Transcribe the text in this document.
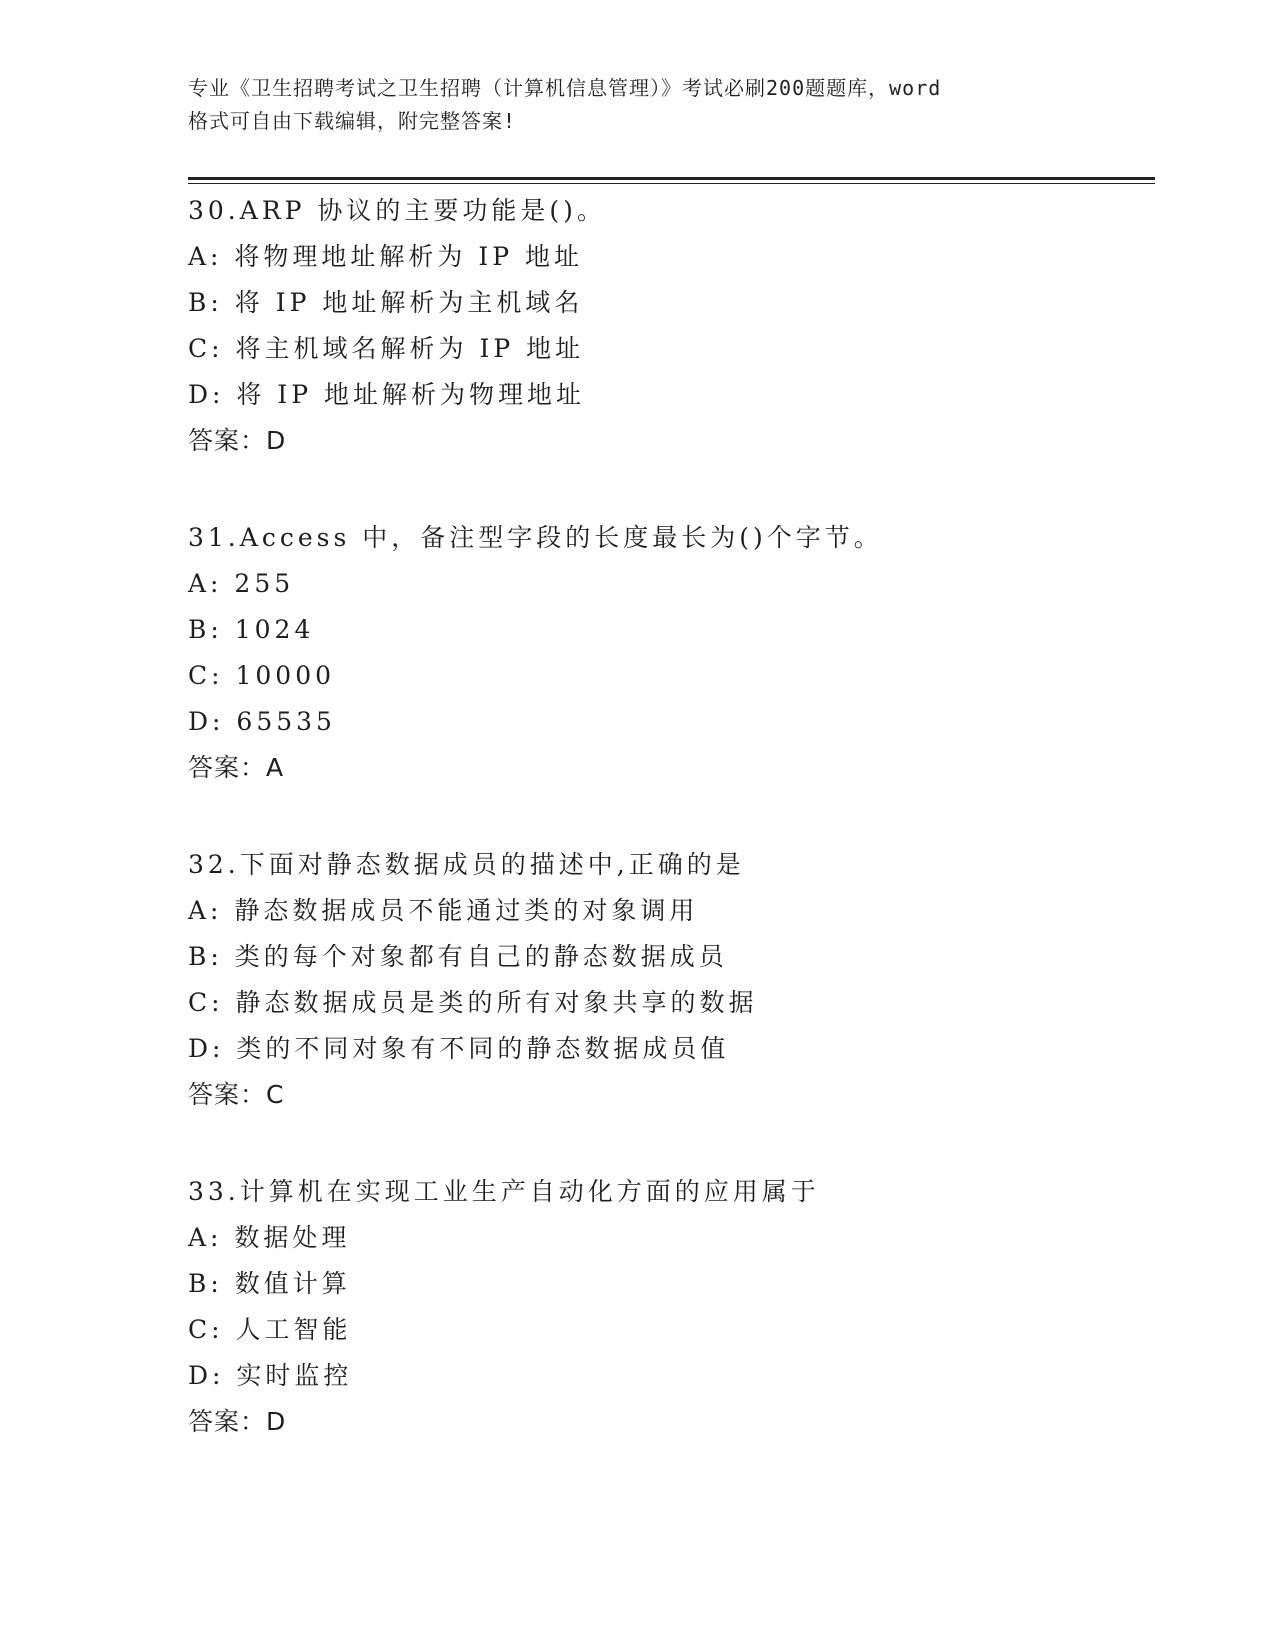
专业《卫生招聘考试之卫生招聘（计算机信息管理）》考试必刷200题题库，word
格式可自由下载编辑，附完整答案!
30.ARP 协议的主要功能是()。
A: 将物理地址解析为 IP 地址
B: 将 IP 地址解析为主机域名
C: 将主机域名解析为 IP 地址
D: 将 IP 地址解析为物理地址
答案：D
31.Access 中，备注型字段的长度最长为()个字节。
A: 255
B: 1024
C: 10000
D: 65535
答案：A
32.下面对静态数据成员的描述中,正确的是
A: 静态数据成员不能通过类的对象调用
B: 类的每个对象都有自己的静态数据成员
C: 静态数据成员是类的所有对象共享的数据
D: 类的不同对象有不同的静态数据成员值
答案：C
33.计算机在实现工业生产自动化方面的应用属于
A: 数据处理
B: 数值计算
C: 人工智能
D: 实时监控
答案：D
